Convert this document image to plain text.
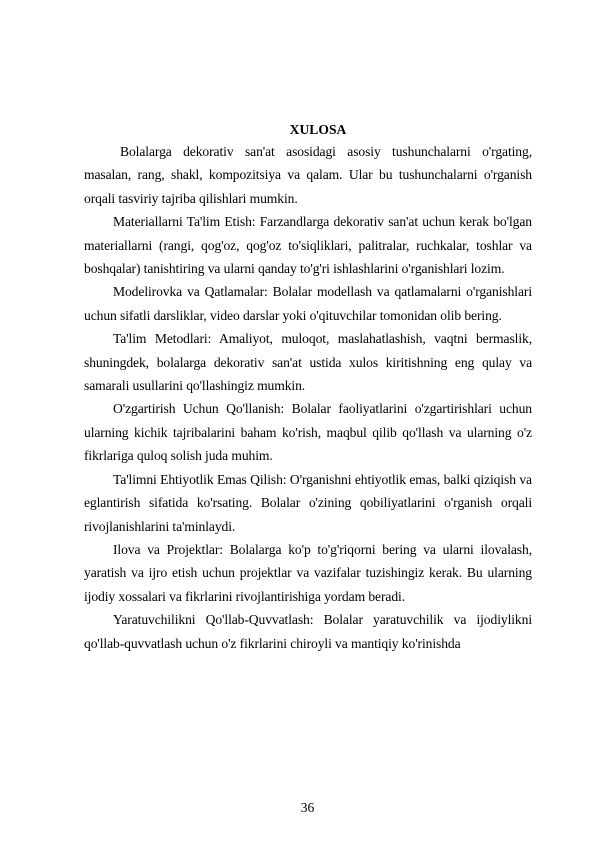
XULOSA

Bolalarga dekorativ san'at asosidagi asosiy tushunchalarni o'rgating, masalan, rang, shakl, kompozitsiya va qalam. Ular bu tushunchalarni o'rganish orqali tasviriy tajriba qilishlari mumkin.

Materiallarni Ta'lim Etish: Farzandlarga dekorativ san'at uchun kerak bo'lgan materiallarni (rangi, qog'oz, qog'oz to'siqliklari, palitralar, ruchkalar, toshlar va boshqalar) tanishtiring va ularni qanday to'g'ri ishlashlarini o'rganishlari lozim.

Modelirovka va Qatlamalar: Bolalar modellash va qatlamalarni o'rganishlari uchun sifatli darsliklar, video darslar yoki o'qituvchilar tomonidan olib bering.

Ta'lim Metodlari: Amaliyot, muloqot, maslahatlashish, vaqtni bermaslik, shuningdek, bolalarga dekorativ san'at ustida xulos kiritishning eng qulay va samarali usullarini qo'llashingiz mumkin.

O'zgartirish Uchun Qo'llanish: Bolalar faoliyatlarini o'zgartirishlari uchun ularning kichik tajribalarini baham ko'rish, maqbul qilib qo'llash va ularning o'z fikrlariga quloq solish juda muhim.

Ta'limni Ehtiyotlik Emas Qilish: O'rganishni ehtiyotlik emas, balki qiziqish va eglantirish sifatida ko'rsating. Bolalar o'zining qobiliyatlarini o'rganish orqali rivojlanishlarini ta'minlaydi.

Ilova va Projektlar: Bolalarga ko'p to'g'riqorni bering va ularni ilovalash, yaratish va ijro etish uchun projektlar va vazifalar tuzishingiz kerak. Bu ularning ijodiy xossalari va fikrlarini rivojlantirishiga yordam beradi.

Yaratuvchilikni Qo'llab-Quvvatlash: Bolalar yaratuvchilik va ijodiylikni qo'llab-quvvatlash uchun o'z fikrlarini chiroyli va mantiqiy ko'rinishda

36
